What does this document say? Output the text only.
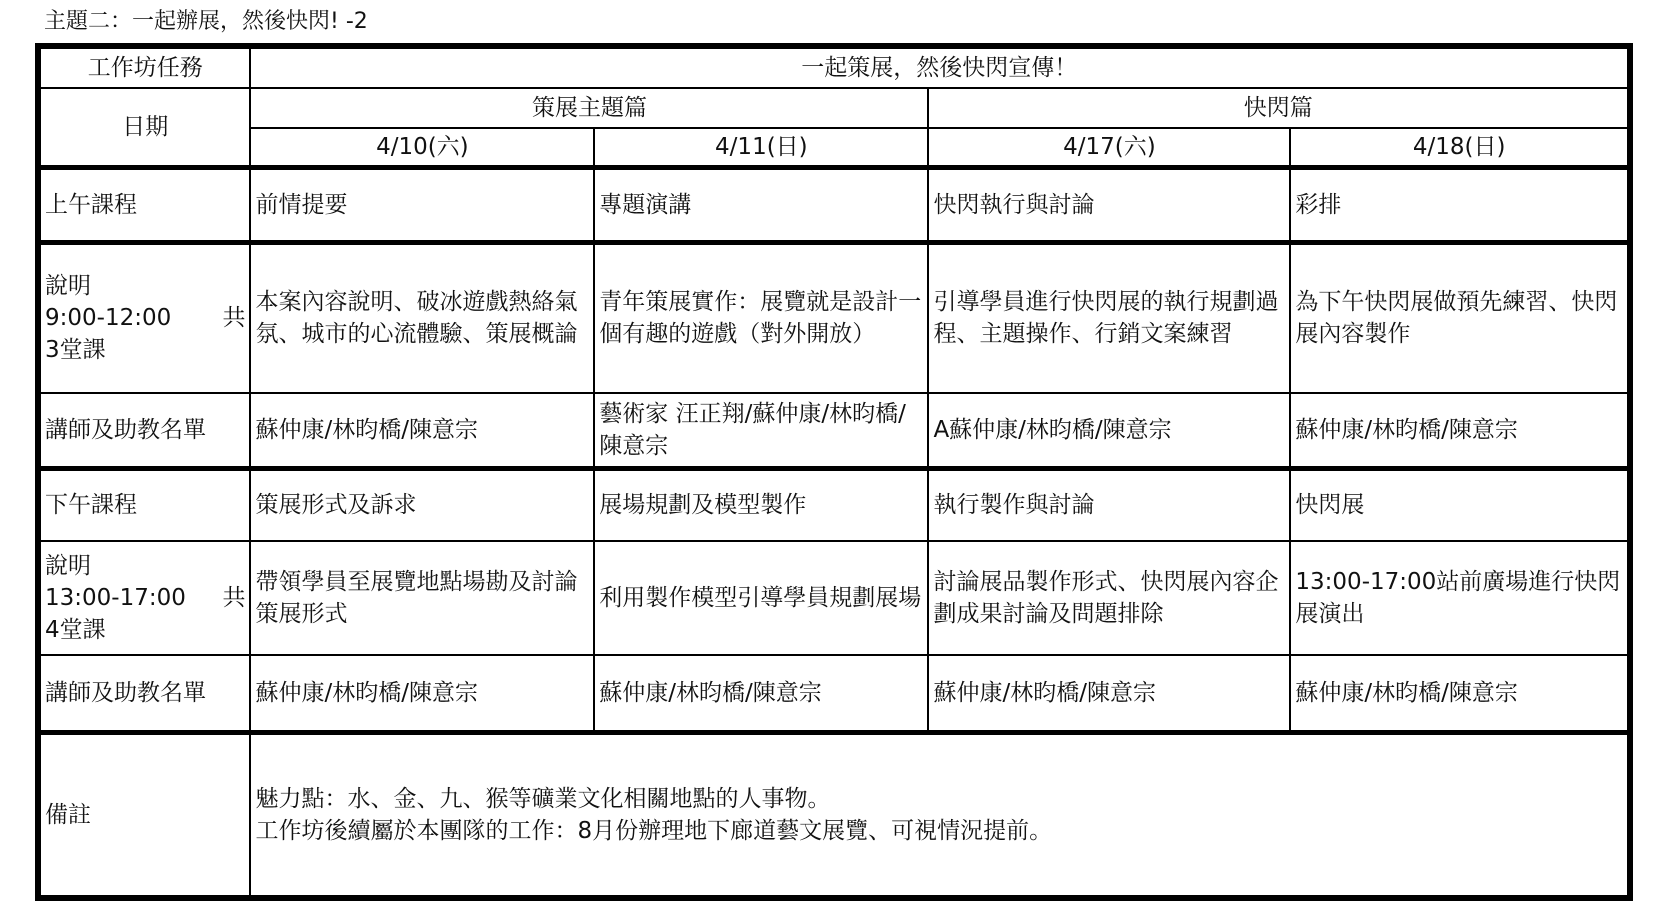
主題二：一起辦展，然後快閃! -2
工作坊任務	一起策展，然後快閃宣傳！			
日期	策展主題篇		快閃篇	
	4/10(六)	4/11(日)	4/17(六)	4/18(日)
上午課程	前情提要	專題演講	快閃執行與討論	彩排

說明
9:00-12:00 共
3堂課	本案內容說明、破冰遊戲熱絡氣氛、城市的心流體驗、策展概論	青年策展實作：展覽就是設計一個有趣的遊戲（對外開放）	引導學員進行快閃展的執行規劃過程、主題操作、行銷文案練習	為下午快閃展做預先練習、快閃展內容製作
講師及助教名單	蘇仲康/林昀橋/陳意宗	藝術家 汪正翔/蘇仲康/林昀橋/陳意宗	A蘇仲康/林昀橋/陳意宗	蘇仲康/林昀橋/陳意宗
下午課程	策展形式及訴求	展場規劃及模型製作	執行製作與討論	快閃展

說明
13:00-17:00 共
4堂課	帶領學員至展覽地點場勘及討論策展形式	利用製作模型引導學員規劃展場	討論展品製作形式、快閃展內容企劃成果討論及問題排除	13:00-17:00站前廣場進行快閃展演出
講師及助教名單	蘇仲康/林昀橋/陳意宗	蘇仲康/林昀橋/陳意宗	蘇仲康/林昀橋/陳意宗	蘇仲康/林昀橋/陳意宗
備註	魅力點：水、金、九、猴等礦業文化相關地點的人事物。
工作坊後續屬於本團隊的工作：8月份辦理地下廊道藝文展覽、可視情況提前。			
